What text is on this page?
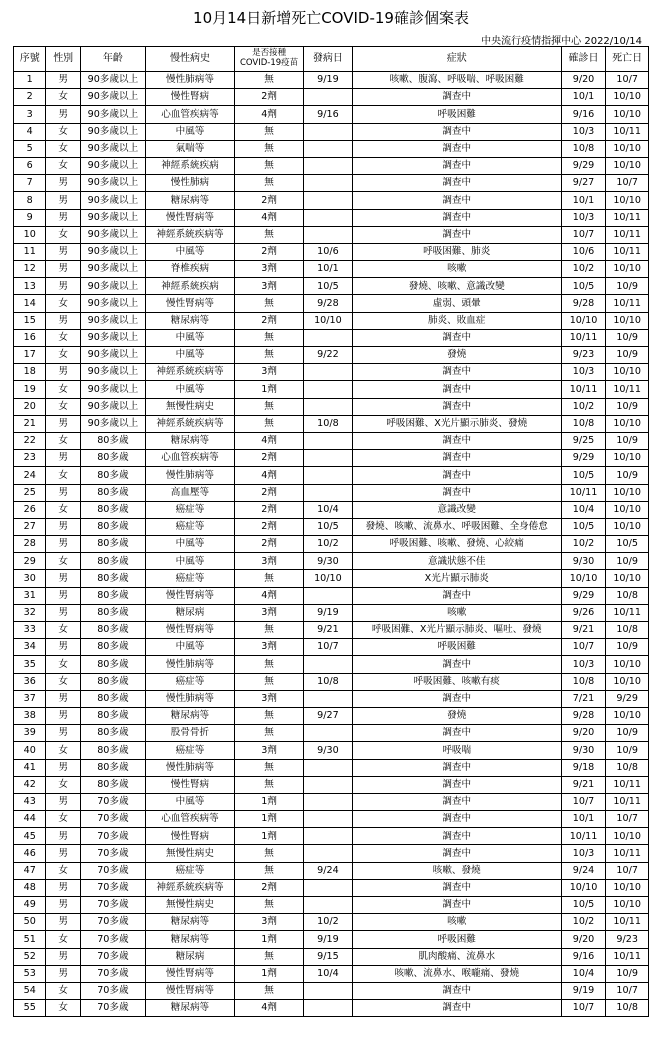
10月14日新增死亡COVID-19確診個案表
中央流行疫情指揮中心 2022/10/14
序號	性別	年齡	慢性病史	是否接種
COVID-19疫苗	發病日	症狀	確診日	死亡日
1	男	90多歲以上	慢性肺病等	無	9/19	咳嗽、腹瀉、呼吸喘、呼吸困難	9/20	10/7
2	女	90多歲以上	慢性腎病	2劑		調查中	10/1	10/10
3	男	90多歲以上	心血管疾病等	4劑	9/16	呼吸困難	9/16	10/10
4	女	90多歲以上	中風等	無		調查中	10/3	10/11
5	女	90多歲以上	氣喘等	無		調查中	10/8	10/10
6	女	90多歲以上	神經系統疾病	無		調查中	9/29	10/10
7	男	90多歲以上	慢性肺病	無		調查中	9/27	10/7
8	男	90多歲以上	糖尿病等	2劑		調查中	10/1	10/10
9	男	90多歲以上	慢性腎病等	4劑		調查中	10/3	10/11
10	女	90多歲以上	神經系統疾病等	無		調查中	10/7	10/11
11	男	90多歲以上	中風等	2劑	10/6	呼吸困難、肺炎	10/6	10/11
12	男	90多歲以上	脊椎疾病	3劑	10/1	咳嗽	10/2	10/10
13	男	90多歲以上	神經系統疾病	3劑	10/5	發燒、咳嗽、意識改變	10/5	10/9
14	女	90多歲以上	慢性腎病等	無	9/28	虛弱、頭暈	9/28	10/11
15	男	90多歲以上	糖尿病等	2劑	10/10	肺炎、敗血症	10/10	10/10
16	女	90多歲以上	中風等	無		調查中	10/11	10/9
17	女	90多歲以上	中風等	無	9/22	發燒	9/23	10/9
18	男	90多歲以上	神經系統疾病等	3劑		調查中	10/3	10/10
19	女	90多歲以上	中風等	1劑		調查中	10/11	10/11
20	女	90多歲以上	無慢性病史	無		調查中	10/2	10/9
21	男	90多歲以上	神經系統疾病等	無	10/8	呼吸困難、X光片顯示肺炎、發燒	10/8	10/10
22	女	80多歲	糖尿病等	4劑		調查中	9/25	10/9
23	男	80多歲	心血管疾病等	2劑		調查中	9/29	10/10
24	女	80多歲	慢性肺病等	4劑		調查中	10/5	10/9
25	男	80多歲	高血壓等	2劑		調查中	10/11	10/10
26	女	80多歲	癌症等	2劑	10/4	意識改變	10/4	10/10
27	男	80多歲	癌症等	2劑	10/5	發燒、咳嗽、流鼻水、呼吸困難、全身倦怠	10/5	10/10
28	男	80多歲	中風等	2劑	10/2	呼吸困難、咳嗽、發燒、心絞痛	10/2	10/5
29	女	80多歲	中風等	3劑	9/30	意識狀態不佳	9/30	10/9
30	男	80多歲	癌症等	無	10/10	X光片顯示肺炎	10/10	10/10
31	男	80多歲	慢性腎病等	4劑		調查中	9/29	10/8
32	男	80多歲	糖尿病	3劑	9/19	咳嗽	9/26	10/11
33	女	80多歲	慢性腎病等	無	9/21	呼吸困難、X光片顯示肺炎、嘔吐、發燒	9/21	10/8
34	男	80多歲	中風等	3劑	10/7	呼吸困難	10/7	10/9
35	女	80多歲	慢性肺病等	無		調查中	10/3	10/10
36	女	80多歲	癌症等	無	10/8	呼吸困難、咳嗽有痰	10/8	10/10
37	男	80多歲	慢性肺病等	3劑		調查中	7/21	9/29
38	男	80多歲	糖尿病等	無	9/27	發燒	9/28	10/10
39	男	80多歲	股骨骨折	無		調查中	9/20	10/9
40	女	80多歲	癌症等	3劑	9/30	呼吸喘	9/30	10/9
41	男	80多歲	慢性肺病等	無		調查中	9/18	10/8
42	女	80多歲	慢性腎病	無		調查中	9/21	10/11
43	男	70多歲	中風等	1劑		調查中	10/7	10/11
44	女	70多歲	心血管疾病等	1劑		調查中	10/1	10/7
45	男	70多歲	慢性腎病	1劑		調查中	10/11	10/10
46	男	70多歲	無慢性病史	無		調查中	10/3	10/11
47	女	70多歲	癌症等	無	9/24	咳嗽、發燒	9/24	10/7
48	男	70多歲	神經系統疾病等	2劑		調查中	10/10	10/10
49	男	70多歲	無慢性病史	無		調查中	10/5	10/10
50	男	70多歲	糖尿病等	3劑	10/2	咳嗽	10/2	10/11
51	女	70多歲	糖尿病等	1劑	9/19	呼吸困難	9/20	9/23
52	男	70多歲	糖尿病	無	9/15	肌肉酸痛、流鼻水	9/16	10/11
53	男	70多歲	慢性腎病等	1劑	10/4	咳嗽、流鼻水、喉嚨痛、發燒	10/4	10/9
54	女	70多歲	慢性腎病等	無		調查中	9/19	10/7
55	女	70多歲	糖尿病等	4劑		調查中	10/7	10/8
